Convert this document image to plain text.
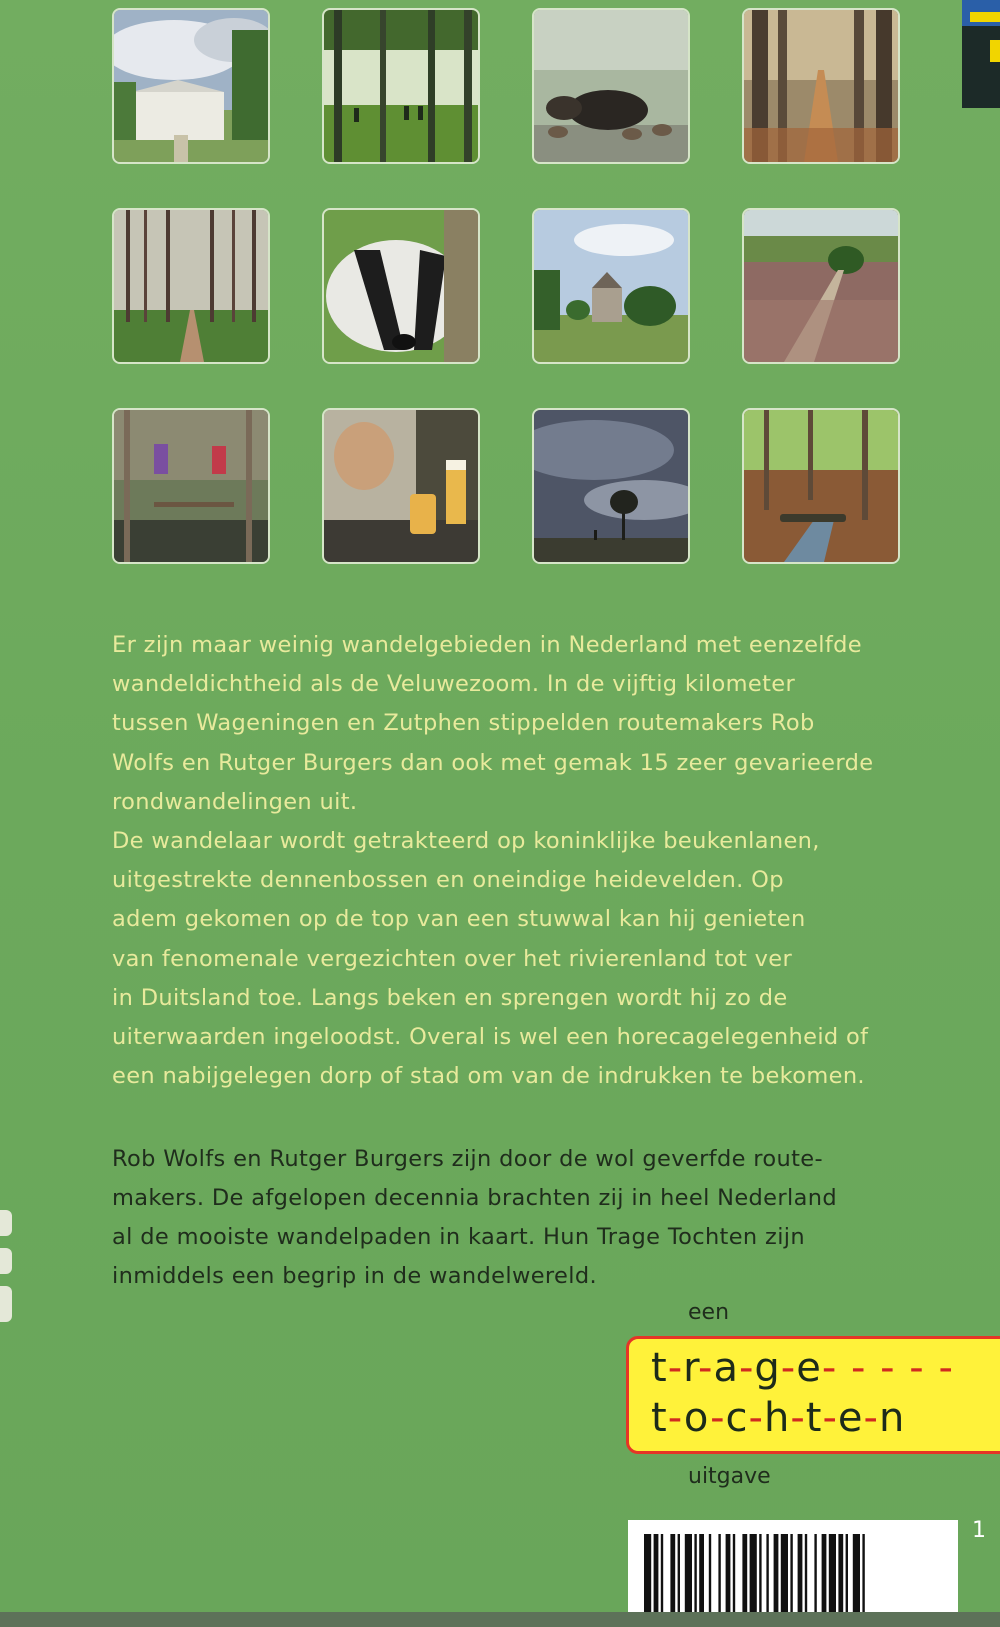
Er zijn maar weinig wandelgebieden in Nederland met eenzelfde

wandeldichtheid als de Veluwezoom. In de vijftig kilometer

tussen Wageningen en Zutphen stippelden routemakers Rob

Wolfs en Rutger Burgers dan ook met gemak 15 zeer gevarieerde

rondwandelingen uit.

De wandelaar wordt getrakteerd op koninklijke beukenlanen,

uitgestrekte dennenbossen en oneindige heidevelden. Op

adem gekomen op de top van een stuwwal kan hij genieten

van fenomenale vergezichten over het rivierenland tot ver

in Duitsland toe. Langs beken en sprengen wordt hij zo de

uiterwaarden ingeloodst. Overal is wel een horecagelegenheid of

een nabijgelegen dorp of stad om van de indrukken te bekomen.

Rob Wolfs en Rutger Burgers zijn door de wol geverfde route-
makers. De afgelopen decennia brachten zij in heel Nederland
al de mooiste wandelpaden in kaart. Hun Trage Tochten zijn
inmiddels een begrip in de wandelwereld.
een
t-r-a-g-e- - - - -
t-o-c-h-t-e-n
uitgave
1
